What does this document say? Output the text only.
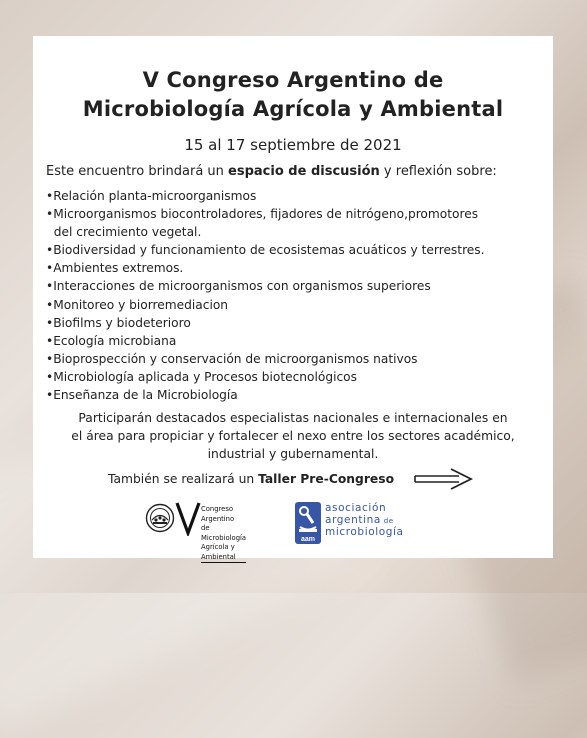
V Congreso Argentino de
Microbiología Agrícola y Ambiental
15 al 17 septiembre de 2021
Este encuentro brindará un espacio de discusión y reflexión sobre:
•Relación planta-microorganismos
•Microorganismos biocontroladores, fijadores de nitrógeno,promotores
del crecimiento vegetal.
•Biodiversidad y funcionamiento de ecosistemas acuáticos y terrestres.
•Ambientes extremos.
•Interacciones de microorganismos con organismos superiores
•Monitoreo y biorremediacion
•Biofilms y biodeterioro
•Ecología microbiana
•Bioprospección y conservación de microorganismos nativos
•Microbiología aplicada y Procesos biotecnológicos
•Enseñanza de la Microbiología
Participarán destacados especialistas nacionales e internacionales en
el área para propiciar y fortalecer el nexo entre los sectores académico,
industrial y gubernamental.
También se realizará un Taller Pre-Congreso
Congreso Argentino
de Microbiología
Agrícola y Ambiental
aam
asociación
argentina de
microbiología
